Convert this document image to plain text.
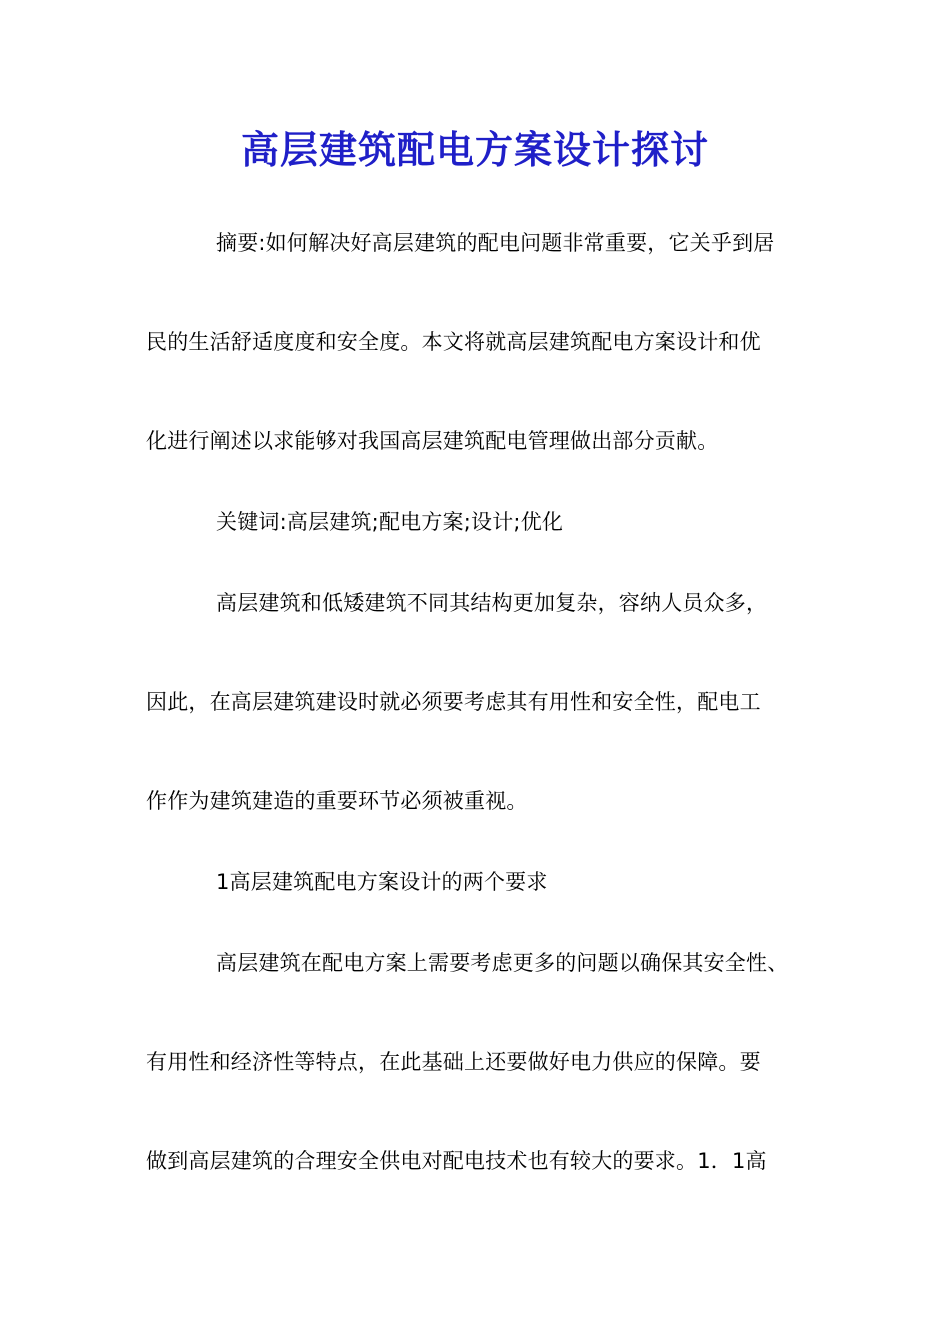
高层建筑配电方案设计探讨
摘要:如何解决好高层建筑的配电问题非常重要，它关乎到居
民的生活舒适度度和安全度。本文将就高层建筑配电方案设计和优
化进行阐述以求能够对我国高层建筑配电管理做出部分贡献。
关键词:高层建筑;配电方案;设计;优化
高层建筑和低矮建筑不同其结构更加复杂，容纳人员众多，
因此，在高层建筑建设时就必须要考虑其有用性和安全性，配电工
作作为建筑建造的重要环节必须被重视。
1高层建筑配电方案设计的两个要求
高层建筑在配电方案上需要考虑更多的问题以确保其安全性、
有用性和经济性等特点，在此基础上还要做好电力供应的保障。要
做到高层建筑的合理安全供电对配电技术也有较大的要求。1．1高
